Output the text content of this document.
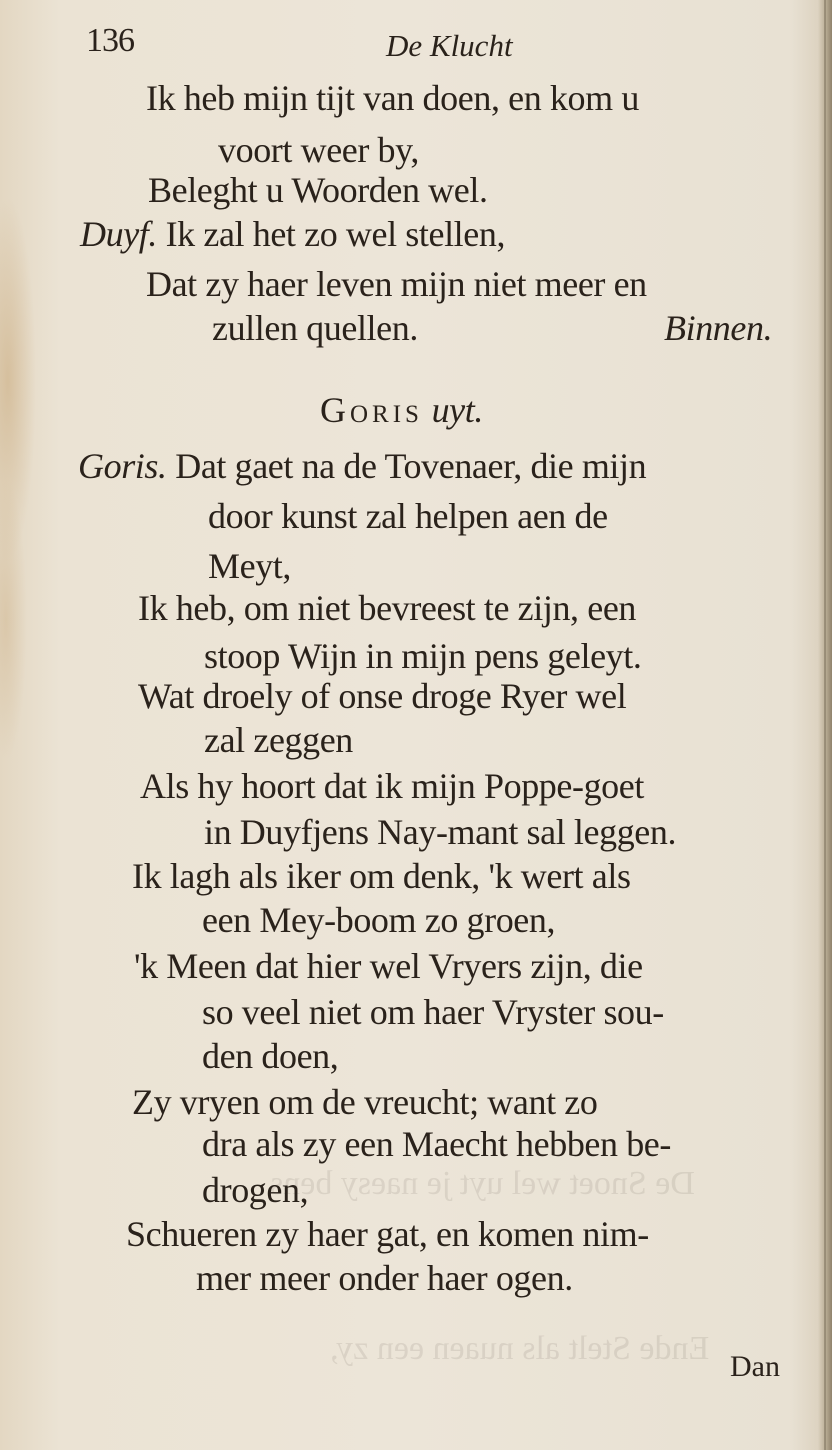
Ende Stelt als nuaen een zy,
De Snoet wel uyt je naesy bens
136	De Klucht
Ik heb mijn tijt van doen, en kom u
voort weer by,
Beleght u Woorden wel.
Duyf. Ik zal het zo wel stellen,
Dat zy haer leven mijn niet meer en
zullen quellen.	Binnen.
Goris uyt.
Goris. Dat gaet na de Tovenaer, die mijn
door kunst zal helpen aen de
Meyt,
Ik heb, om niet bevreest te zijn, een
stoop Wijn in mijn pens geleyt.
Wat droely of onse droge Ryer wel
zal zeggen
Als hy hoort dat ik mijn Poppe-goet
in Duyfjens Nay-mant sal leggen.
Ik lagh als iker om denk, 'k wert als
een Mey-boom zo groen,
'k Meen dat hier wel Vryers zijn, die
so veel niet om haer Vryster sou-
den doen,
Zy vryen om de vreucht; want zo
dra als zy een Maecht hebben be-
drogen,
Schueren zy haer gat, en komen nim-
mer meer onder haer ogen.
Dan
